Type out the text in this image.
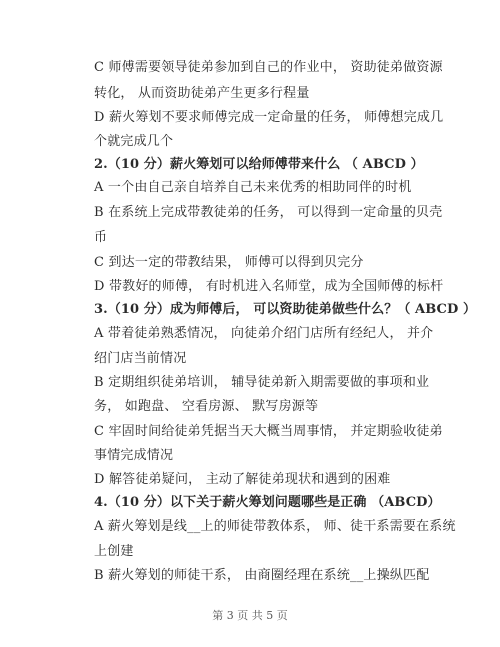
C 师傅需要领导徒弟参加到自己的作业中， 资助徒弟做资源
转化， 从而资助徒弟产生更多行程量
D 薪火筹划不要求师傅完成一定命量的任务， 师傅想完成几
个就完成几个
2.（10 分）薪火筹划可以给师傅带来什么 （ ABCD ）
A 一个由自己亲自培养自己未来优秀的相助同伴的时机
B 在系统上完成带教徒弟的任务， 可以得到一定命量的贝壳
币
C 到达一定的带教结果， 师傅可以得到贝完分
D 带教好的师傅， 有时机进入名师堂，成为全国师傅的标杆
3.（10 分）成为师傅后， 可以资助徒弟做些什么？（ ABCD ）
A 带着徒弟熟悉情况， 向徒弟介绍门店所有经纪人， 并介
绍门店当前情况
B 定期组织徒弟培训， 辅导徒弟新入期需要做的事项和业
务， 如跑盘、 空看房源、 默写房源等
C 牢固时间给徒弟凭据当天大概当周事情， 并定期验收徒弟
事情完成情况
D 解答徒弟疑问， 主动了解徒弟现状和遇到的困难
4.（10 分）以下关于薪火筹划问题哪些是正确 （ABCD）
A 薪火筹划是线__上的师徒带教体系， 师、徒干系需要在系统
上创建
B 薪火筹划的师徒干系， 由商圈经理在系统__上操纵匹配
第 3 页 共 5 页
